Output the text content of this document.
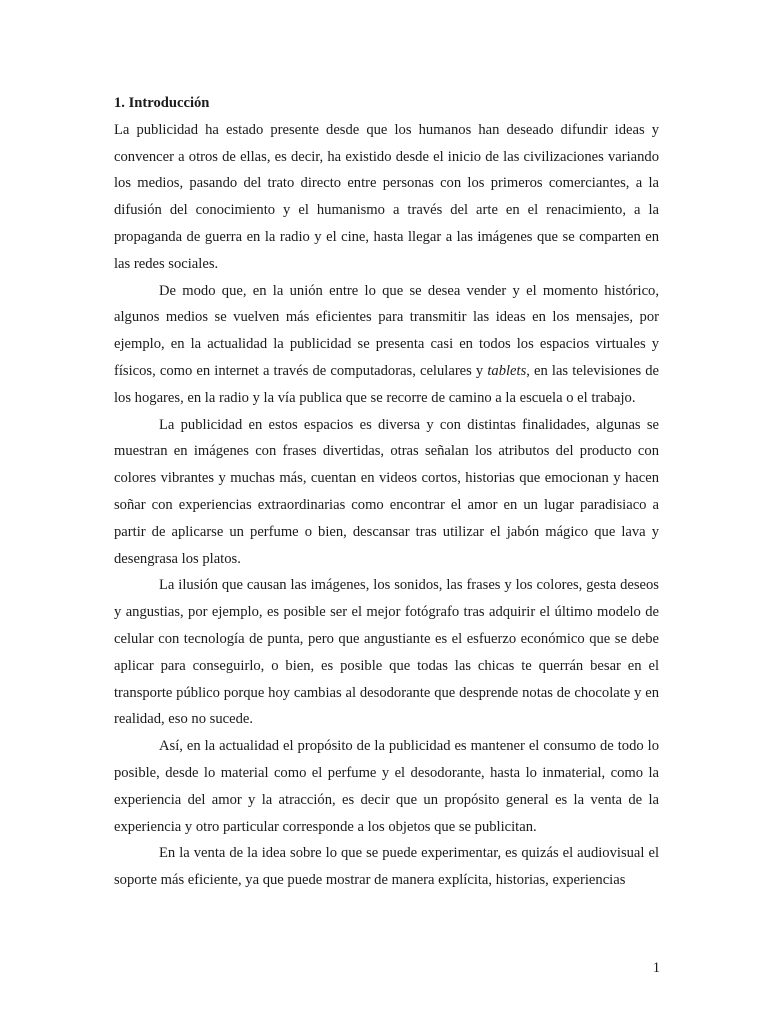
1. Introducción

La publicidad ha estado presente desde que los humanos han deseado difundir ideas y convencer a otros de ellas, es decir, ha existido desde el inicio de las civilizaciones variando los medios, pasando del trato directo entre personas con los primeros comerciantes, a la difusión del conocimiento y el humanismo a través del arte en el renacimiento, a la propaganda de guerra en la radio y el cine, hasta llegar a las imágenes que se comparten en las redes sociales.

De modo que, en la unión entre lo que se desea vender y el momento histórico, algunos medios se vuelven más eficientes para transmitir las ideas en los mensajes, por ejemplo, en la actualidad la publicidad se presenta casi en todos los espacios virtuales y físicos, como en internet a través de computadoras, celulares y tablets, en las televisiones de los hogares, en la radio y la vía publica que se recorre de camino a la escuela o el trabajo.

La publicidad en estos espacios es diversa y con distintas finalidades, algunas se muestran en imágenes con frases divertidas, otras señalan los atributos del producto con colores vibrantes y muchas más, cuentan en videos cortos, historias que emocionan y hacen soñar con experiencias extraordinarias como encontrar el amor en un lugar paradisiaco a partir de aplicarse un perfume o bien, descansar tras utilizar el jabón mágico que lava y desengrasa los platos.

La ilusión que causan las imágenes, los sonidos, las frases y los colores, gesta deseos y angustias, por ejemplo, es posible ser el mejor fotógrafo tras adquirir el último modelo de celular con tecnología de punta, pero que angustiante es el esfuerzo económico que se debe aplicar para conseguirlo, o bien, es posible que todas las chicas te querrán besar en el transporte público porque hoy cambias al desodorante que desprende notas de chocolate y en realidad, eso no sucede.

Así, en la actualidad el propósito de la publicidad es mantener el consumo de todo lo posible, desde lo material como el perfume y el desodorante, hasta lo inmaterial, como la experiencia del amor y la atracción, es decir que un propósito general es la venta de la experiencia y otro particular corresponde a los objetos que se publicitan.

En la venta de la idea sobre lo que se puede experimentar, es quizás el audiovisual el soporte más eficiente, ya que puede mostrar de manera explícita, historias, experiencias

1
